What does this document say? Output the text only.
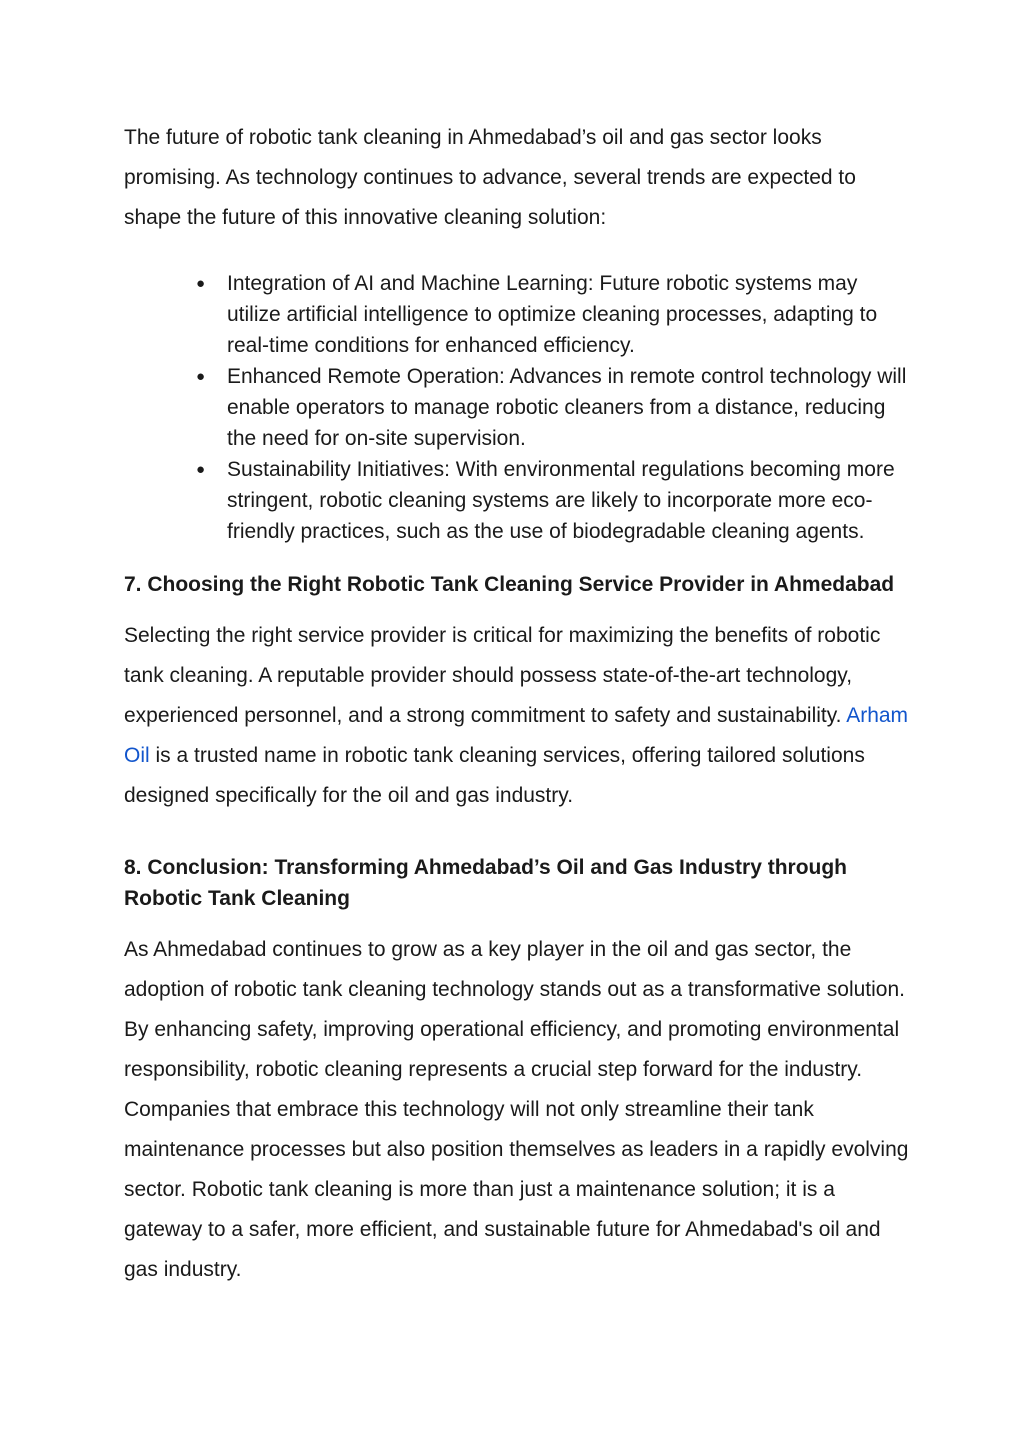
The future of robotic tank cleaning in Ahmedabad’s oil and gas sector looks promising. As technology continues to advance, several trends are expected to shape the future of this innovative cleaning solution:

● Integration of AI and Machine Learning: Future robotic systems may utilize artificial intelligence to optimize cleaning processes, adapting to real-time conditions for enhanced efficiency.
● Enhanced Remote Operation: Advances in remote control technology will enable operators to manage robotic cleaners from a distance, reducing the need for on-site supervision.
● Sustainability Initiatives: With environmental regulations becoming more stringent, robotic cleaning systems are likely to incorporate more eco-friendly practices, such as the use of biodegradable cleaning agents.
7. Choosing the Right Robotic Tank Cleaning Service Provider in Ahmedabad

Selecting the right service provider is critical for maximizing the benefits of robotic tank cleaning. A reputable provider should possess state-of-the-art technology, experienced personnel, and a strong commitment to safety and sustainability. Arham Oil is a trusted name in robotic tank cleaning services, offering tailored solutions designed specifically for the oil and gas industry.

8. Conclusion: Transforming Ahmedabad’s Oil and Gas Industry through Robotic Tank Cleaning

As Ahmedabad continues to grow as a key player in the oil and gas sector, the adoption of robotic tank cleaning technology stands out as a transformative solution. By enhancing safety, improving operational efficiency, and promoting environmental responsibility, robotic cleaning represents a crucial step forward for the industry. Companies that embrace this technology will not only streamline their tank maintenance processes but also position themselves as leaders in a rapidly evolving sector. Robotic tank cleaning is more than just a maintenance solution; it is a gateway to a safer, more efficient, and sustainable future for Ahmedabad's oil and gas industry.
